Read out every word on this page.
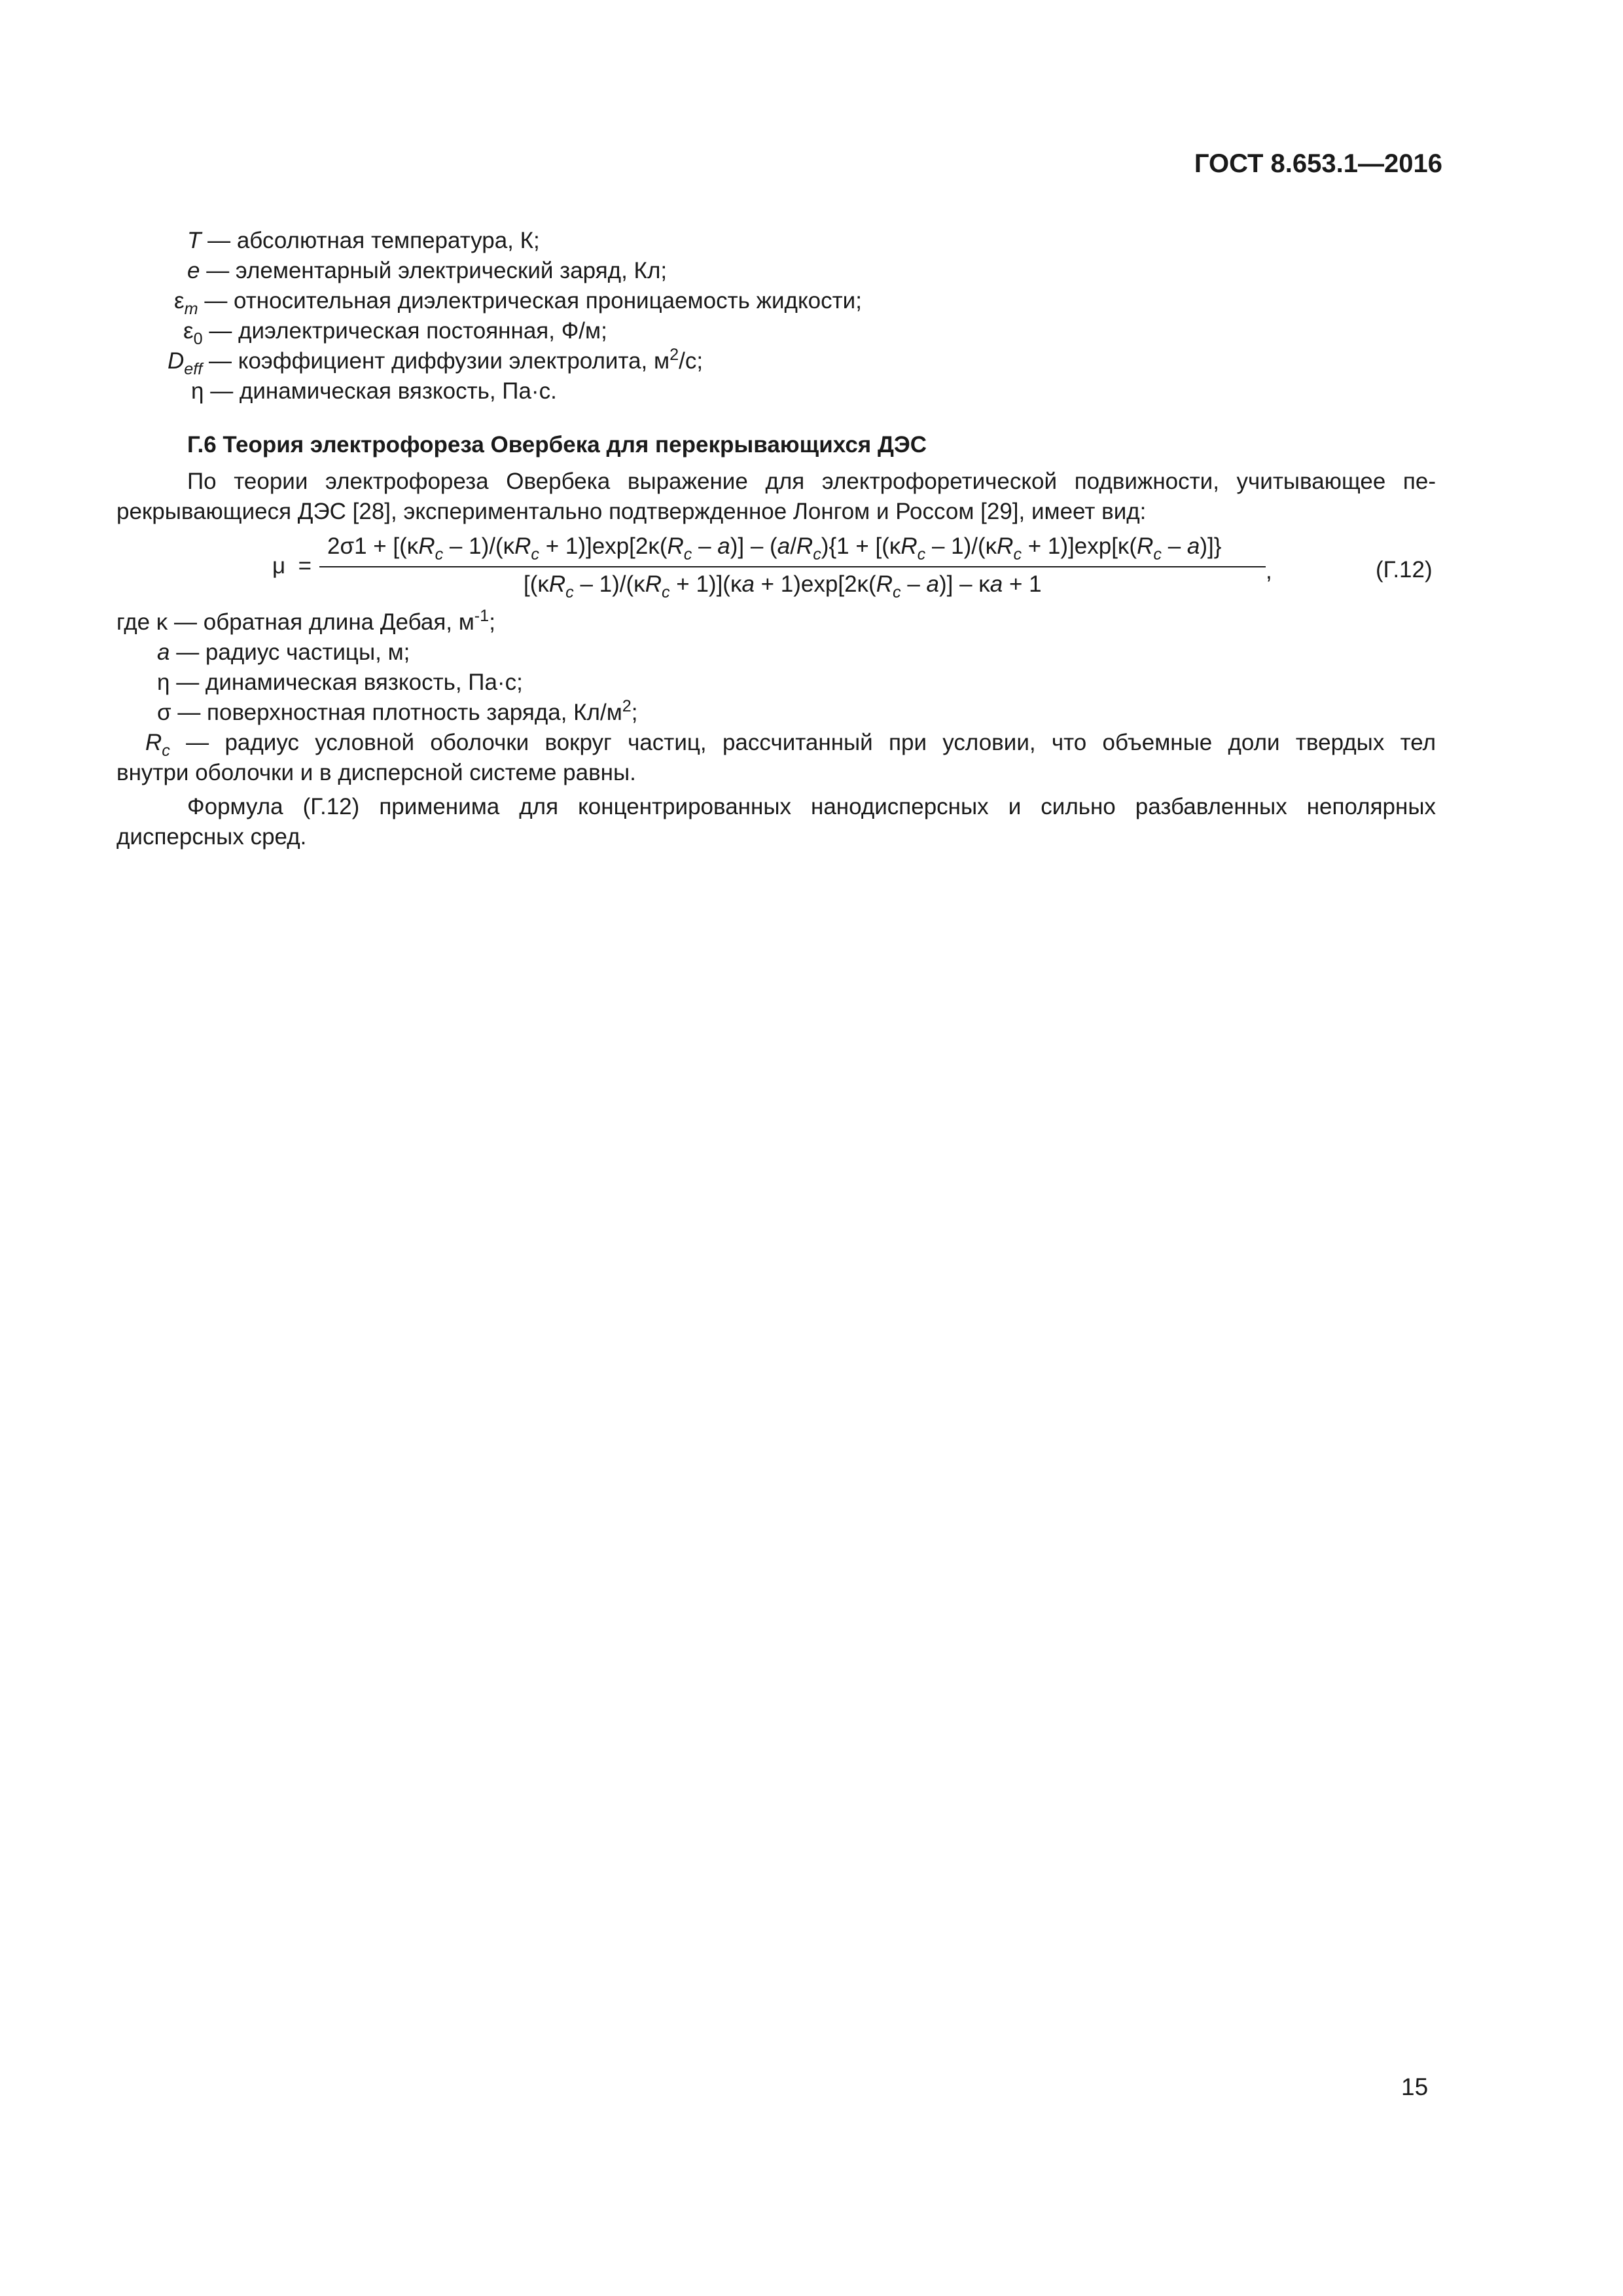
ГОСТ 8.653.1—2016
T — абсолютная температура, К;
e — элементарный электрический заряд, Кл;
$\varepsilon_m$ — относительная диэлектрическая проницаемость жидкости;
$\varepsilon_0$ — диэлектрическая постоянная, Ф/м;
$D_{eff}$ — коэффициент диффузии электролита, $м^2/с$;
η — динамическая вязкость, Па·с.
Г.6 Теория электрофореза Овербека для перекрывающихся ДЭС
По теории электрофореза Овербека выражение для электрофоретической подвижности, учитывающее пе-
рекрывающиеся ДЭС [28], экспериментально подтвержденное Лонгом и Россом [29], имеет вид:
μ =
$2\sigma 1 + [(\kappa R_c - 1)/(\kappa R_c + 1)]\exp[2\kappa(R_c - a)] - (a/R_c)\{1 + [(\kappa R_c - 1)/(\kappa R_c + 1)]\exp[\kappa(R_c - a)]\}$
$[(\kappa R_c - 1)/(\kappa R_c + 1)](\kappa a + 1)\exp[2\kappa(R_c - a)] - \kappa a + 1$
,	(Г.12)
где κ — обратная длина Дебая, $м^{-1}$;
a — радиус частицы, м;
η — динамическая вязкость, Па·с;
σ — поверхностная плотность заряда, $Кл/м^2$;
$R_c$ — радиус условной оболочки вокруг частиц, рассчитанный при условии, что объемные доли твердых тел
внутри оболочки и в дисперсной системе равны.
Формула (Г.12) применима для концентрированных нанодисперсных и сильно разбавленных неполярных
дисперсных сред.
15
